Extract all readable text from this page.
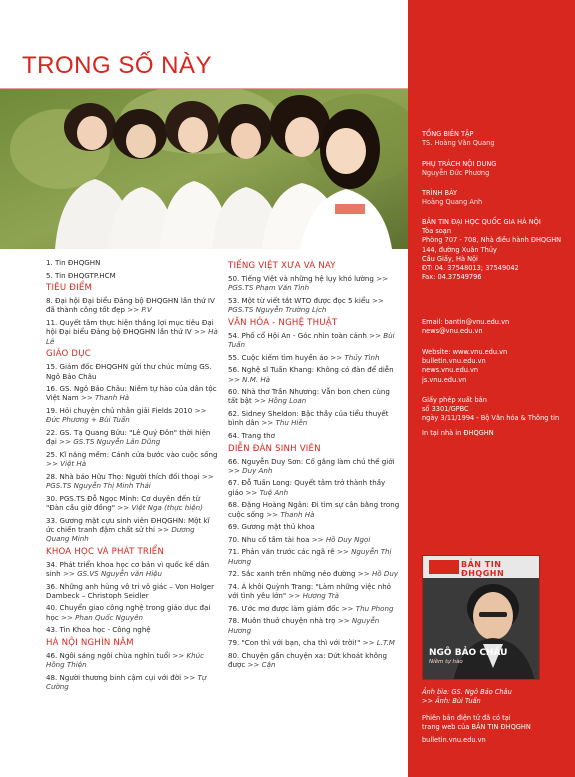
TRONG SỐ NÀY
1. Tin ĐHQGHN
5. Tin ĐHQGTP.HCM
TIÊU ĐIỂM
8. Đại hội Đại biểu Đảng bộ ĐHQGHN lần thứ IV đã thành công tốt đẹp >> P.V
11. Quyết tâm thực hiện thắng lợi mục tiêu Đại hội Đại biểu Đảng bộ ĐHQGHN lần thứ IV >> Hà Lê
GIÁO DỤC
15. Giám đốc ĐHQGHN gửi thư chúc mừng GS. Ngô Bảo Châu
16. GS. Ngô Bảo Châu: Niềm tự hào của dân tộc Việt Nam >> Thanh Hà
19. Hỏi chuyện chủ nhân giải Fields 2010 >> Đức Phương + Bùi Tuấn
22. GS. Tạ Quang Bửu: "Lê Quý Đôn" thời hiện đại >> GS.TS Nguyễn Lân Dũng
25. Kĩ năng mềm: Cánh cửa bước vào cuộc sống >> Việt Hà
28. Nhà báo Hữu Thọ: Người thích đối thoại >> PGS.TS Nguyễn Thị Minh Thái
30. PGS.TS Đỗ Ngọc Minh: Cơ duyên đến từ "Đàn cầu giờ đồng" >> Việt Nga (thực hiện)
33. Gương mặt cựu sinh viên ĐHQGHN: Một kĩ ức chiến tranh đậm chất sử thi >> Dương Quang Minh
KHOA HỌC VÀ PHÁT TRIỂN
34. Phát triển khoa học cơ bản vì quốc kế dân sinh >> GS.VS Nguyễn văn Hiệu
36. Những anh hùng vô tri vô giác – Von Holger Dambeck – Christoph Seidler
40. Chuyển giao công nghệ trong giáo dục đại học >> Phan Quốc Nguyên
43. Tin Khoa học - Công nghệ
HÀ NỘI NGHÌN NĂM
46. Ngôi sáng ngôi chùa nghìn tuổi >> Khúc Hồng Thiện
48. Người thương binh cậm cụi với đời >> Tự Cường
TIẾNG VIỆT XƯA VÀ NAY
50. Tiếng Việt và những hệ lụy khó lường >> PGS.TS Phạm Văn Tình
53. Một từ viết tắt WTO được đọc 5 kiểu >> PGS.TS Nguyễn Trường Lịch
VĂN HÓA - NGHỆ THUẬT
54. Phố cổ Hội An - Góc nhìn toàn cảnh >> Bùi Tuấn
55. Cuộc kiếm tìm huyền áo >> Thủy Tình
56. Nghệ sĩ Tuấn Khang: Không có đàn để diễn >> N.M. Hà
60. Nhà thơ Trần Nhương: Vẫn bon chen cùng tất bật >> Hồng Loan
62. Sidney Sheldon: Bậc thầy của tiểu thuyết bình dân >> Thu Hiền
64. Trang thơ
DIỄN ĐÀN SINH VIÊN
66. Nguyễn Duy Sơn: Cố gắng làm chủ thế giới >> Duy Anh
67. Đỗ Tuấn Long: Quyết tâm trở thành thầy giáo >> Tuệ Anh
68. Đặng Hoàng Ngân: Đi tìm sự cân bằng trong cuộc sống >> Thanh Hà
69. Gương mặt thủ khoa
70. Nhu cố tầm tài hoa >> Hồ Duy Ngọi
71. Phản văn trước các ngã rẽ >> Nguyễn Thị Hương
72. Sắc xanh trên những nẻo đường >> Hồ Duy
74. Á khôi Quỳnh Trang: "Làm những việc nhỏ với tình yêu lớn" >> Hương Trà
76. Ước mơ được làm giám đốc >> Thu Phong
78. Muôn thuở chuyện nhà trọ >> Nguyễn Hương
79. "Con thì với bạn, cha thì với trời!" >> L.T.M
80. Chuyện gần chuyện xa: Dứt khoát không được >> Cận
TỔNG BIÊN TẬP
TS. Hoàng Văn Quang
PHỤ TRÁCH NỘI DUNG
Nguyễn Đức Phương
TRÌNH BÀY
Hoàng Quang Anh
BẢN TIN ĐẠI HỌC QUỐC GIA HÀ NỘI
Tòa soạn
Phòng 707 - 708, Nhà điều hành ĐHQGHN
144, đường Xuân Thủy
Cầu Giấy, Hà Nội
ĐT: 04. 37548013; 37549042
Fax: 04.37549796
Email: bantin@vnu.edu.vn
news@vnu.edu.vn
Website: www.vnu.edu.vn
bulletin.vnu.edu.vn
news.vnu.edu.vn
js.vnu.edu.vn
Giấy phép xuất bản
số 3301/GPBC
ngày 3/11/1994 - Bộ Văn hóa & Thông tin
In tại nhà in ĐHQGHN
BẢN TIN ĐHQGHN
NGÔ BẢO CHÂU
Niềm tự hào
Ảnh bìa: GS. Ngô Bảo Châu
>> Ảnh: Bùi Tuấn
Phiên bản điện tử đã có tại
trang web của BẢN TIN ĐHQGHN
bulletin.vnu.edu.vn
